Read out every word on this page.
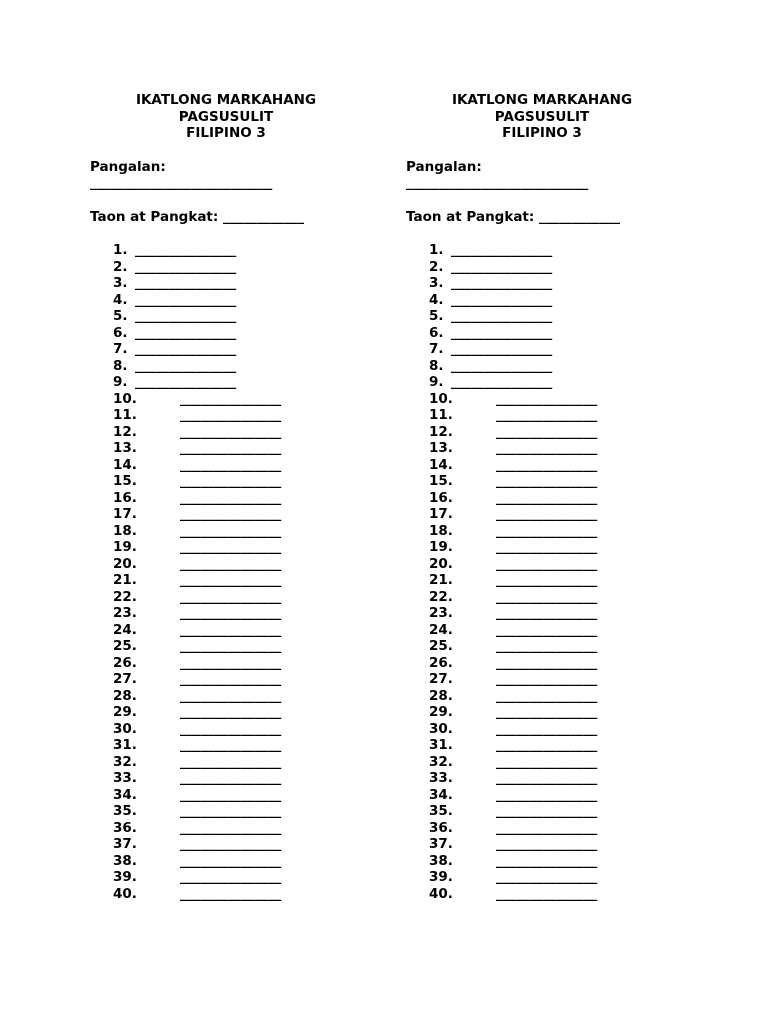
IKATLONG MARKAHANG
PAGSUSULIT
FILIPINO 3
Pangalan:
___________________________
Taon at Pangkat: ____________
1. _______________
2. _______________
3. _______________
4. _______________
5. _______________
6. _______________
7. _______________
8. _______________
9. _______________
10.	_______________
11.	_______________
12.	_______________
13.	_______________
14.	_______________
15.	_______________
16.	_______________
17.	_______________
18.	_______________
19.	_______________
20.	_______________
21.	_______________
22.	_______________
23.	_______________
24.	_______________
25.	_______________
26.	_______________
27.	_______________
28.	_______________
29.	_______________
30.	_______________
31.	_______________
32.	_______________
33.	_______________
34.	_______________
35.	_______________
36.	_______________
37.	_______________
38.	_______________
39.	_______________
40.	_______________
IKATLONG MARKAHANG
PAGSUSULIT
FILIPINO 3
Pangalan:
___________________________
Taon at Pangkat: ____________
1. _______________
2. _______________
3. _______________
4. _______________
5. _______________
6. _______________
7. _______________
8. _______________
9. _______________
10.	_______________
11.	_______________
12.	_______________
13.	_______________
14.	_______________
15.	_______________
16.	_______________
17.	_______________
18.	_______________
19.	_______________
20.	_______________
21.	_______________
22.	_______________
23.	_______________
24.	_______________
25.	_______________
26.	_______________
27.	_______________
28.	_______________
29.	_______________
30.	_______________
31.	_______________
32.	_______________
33.	_______________
34.	_______________
35.	_______________
36.	_______________
37.	_______________
38.	_______________
39.	_______________
40.	_______________
